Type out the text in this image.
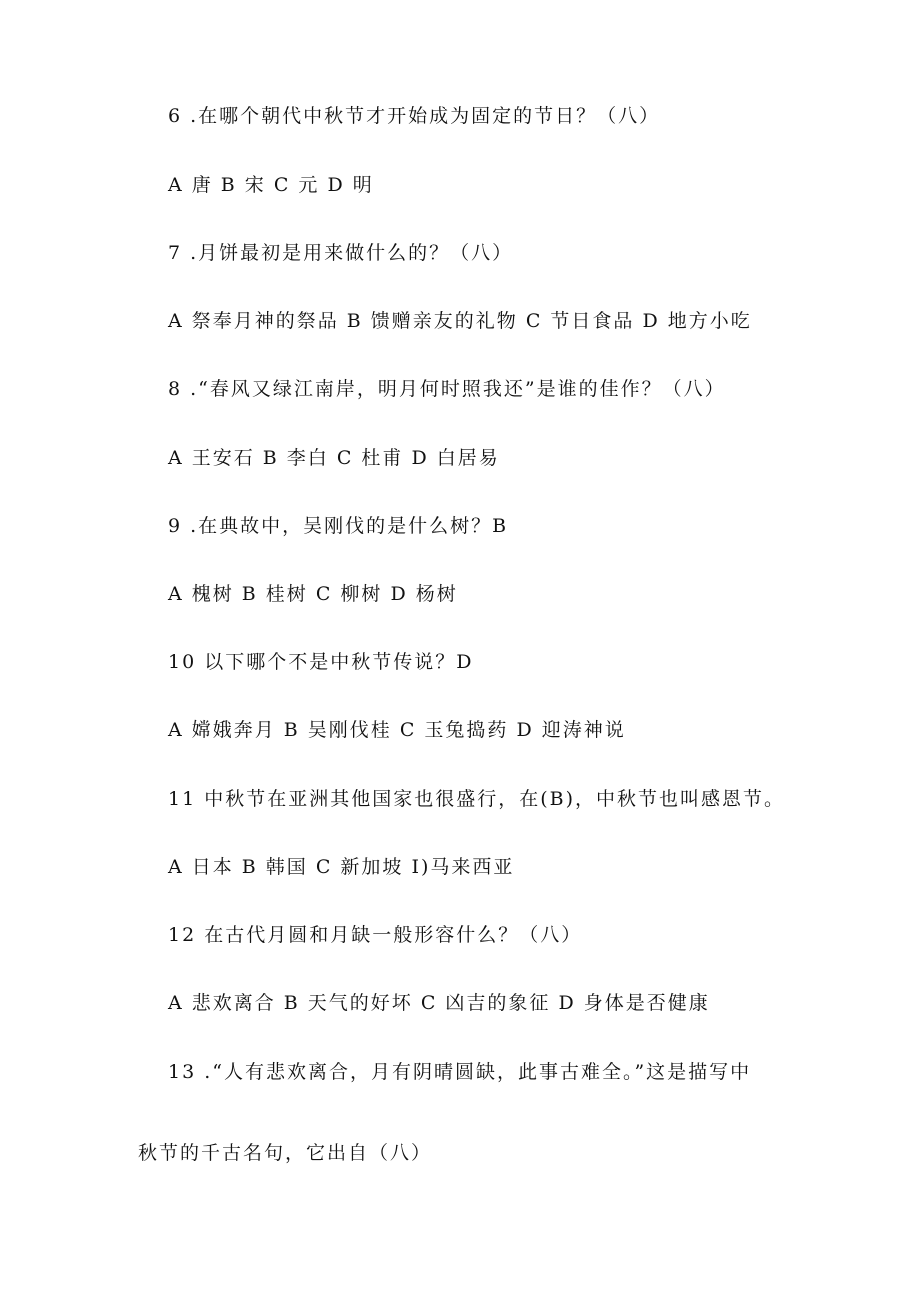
6 .在哪个朝代中秋节才开始成为固定的节日？（八）
A 唐 B 宋 C 元 D 明
7 .月饼最初是用来做什么的？（八）
A 祭奉月神的祭品 B 馈赠亲友的礼物 C 节日食品 D 地方小吃
8 .“春风又绿江南岸，明月何时照我还”是谁的佳作？（八）
A 王安石 B 李白 C 杜甫 D 白居易
9 .在典故中，吴刚伐的是什么树？B
A 槐树 B 桂树 C 柳树 D 杨树
10 以下哪个不是中秋节传说？D
A 嫦娥奔月 B 吴刚伐桂 C 玉兔捣药 D 迎涛神说
11 中秋节在亚洲其他国家也很盛行，在(B)，中秋节也叫感恩节。
A 日本 B 韩国 C 新加坡 I)马来西亚
12 在古代月圆和月缺一般形容什么？（八）
A 悲欢离合 B 天气的好坏 C 凶吉的象征 D 身体是否健康
13 .“人有悲欢离合，月有阴晴圆缺，此事古难全。”这是描写中
秋节的千古名句，它出自（八）
